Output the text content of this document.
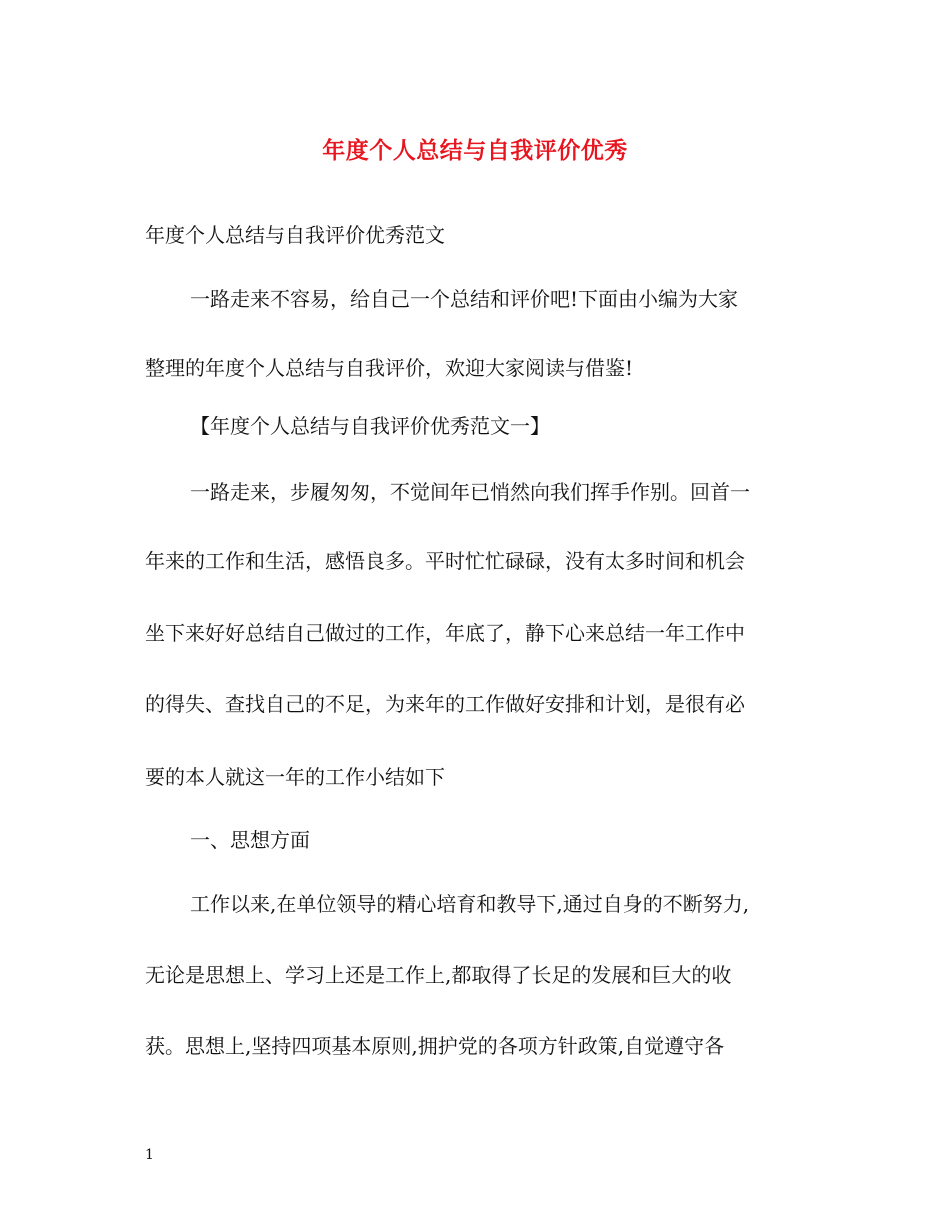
年度个人总结与自我评价优秀
年度个人总结与自我评价优秀范文
一路走来不容易，给自己一个总结和评价吧!下面由小编为大家
整理的年度个人总结与自我评价，欢迎大家阅读与借鉴!
【年度个人总结与自我评价优秀范文一】
一路走来，步履匆匆，不觉间年已悄然向我们挥手作别。回首一
年来的工作和生活，感悟良多。平时忙忙碌碌，没有太多时间和机会
坐下来好好总结自己做过的工作，年底了，静下心来总结一年工作中
的得失、查找自己的不足，为来年的工作做好安排和计划，是很有必
要的本人就这一年的工作小结如下
一、思想方面
工作以来,在单位领导的精心培育和教导下,通过自身的不断努力,
无论是思想上、学习上还是工作上,都取得了长足的发展和巨大的收
获。思想上,坚持四项基本原则,拥护党的各项方针政策,自觉遵守各
1
